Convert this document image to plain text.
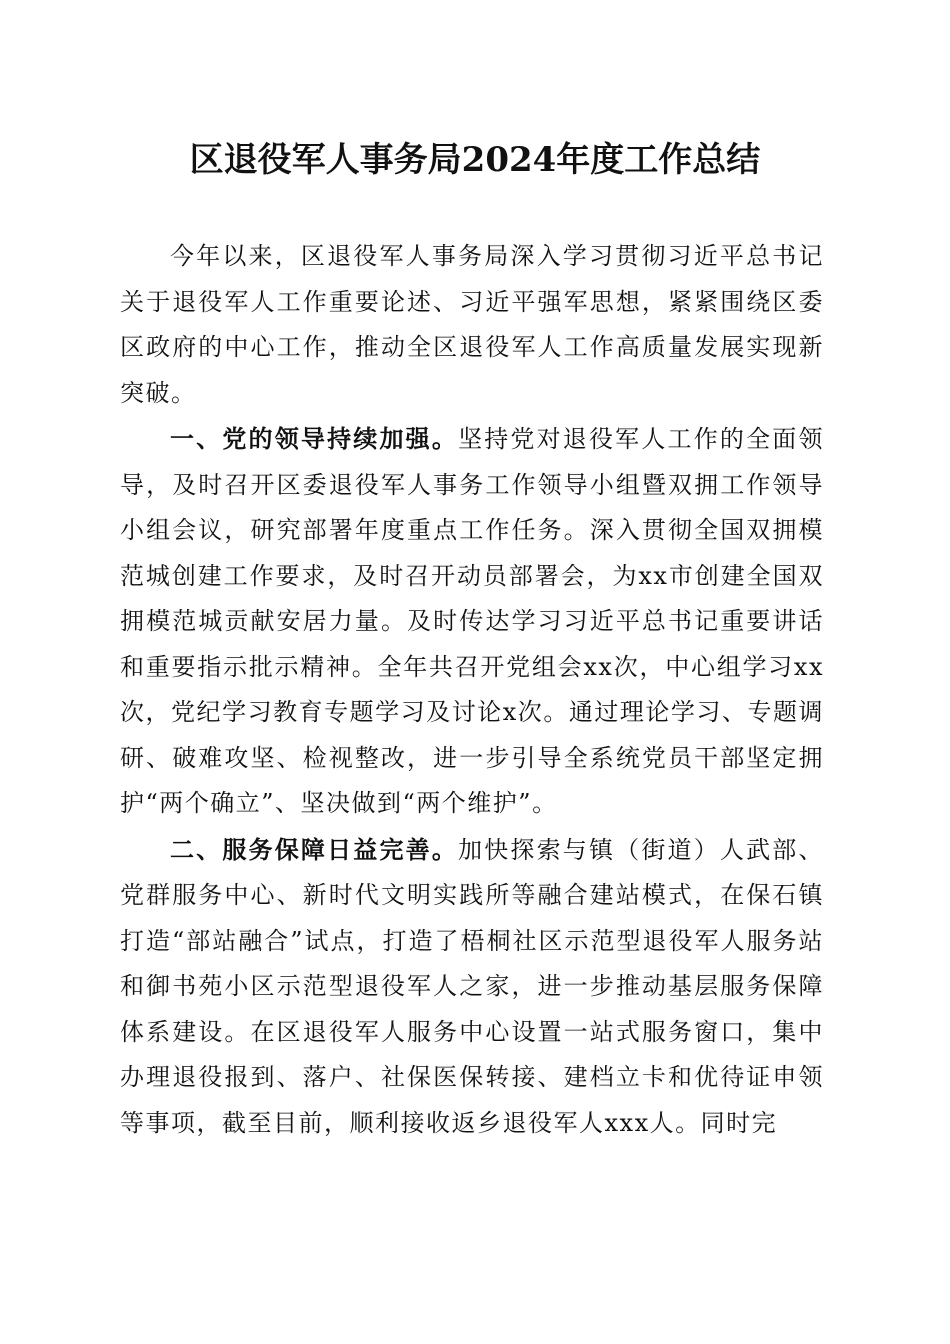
区退役军人事务局2024年度工作总结

今年以来，区退役军人事务局深入学习贯彻习近平总书记关于退役军人工作重要论述、习近平强军思想，紧紧围绕区委区政府的中心工作，推动全区退役军人工作高质量发展实现新突破。

一、党的领导持续加强。坚持党对退役军人工作的全面领导，及时召开区委退役军人事务工作领导小组暨双拥工作领导小组会议，研究部署年度重点工作任务。深入贯彻全国双拥模范城创建工作要求，及时召开动员部署会，为xx市创建全国双拥模范城贡献安居力量。及时传达学习习近平总书记重要讲话和重要指示批示精神。全年共召开党组会xx次，中心组学习xx次，党纪学习教育专题学习及讨论x次。通过理论学习、专题调研、破难攻坚、检视整改，进一步引导全系统党员干部坚定拥护“两个确立”、坚决做到“两个维护”。

二、服务保障日益完善。加快探索与镇（街道）人武部、党群服务中心、新时代文明实践所等融合建站模式，在保石镇打造“部站融合”试点，打造了梧桐社区示范型退役军人服务站和御书苑小区示范型退役军人之家，进一步推动基层服务保障体系建设。在区退役军人服务中心设置一站式服务窗口，集中办理退役报到、落户、社保医保转接、建档立卡和优待证申领等事项，截至目前，顺利接收返乡退役军人xxx人。同时完
